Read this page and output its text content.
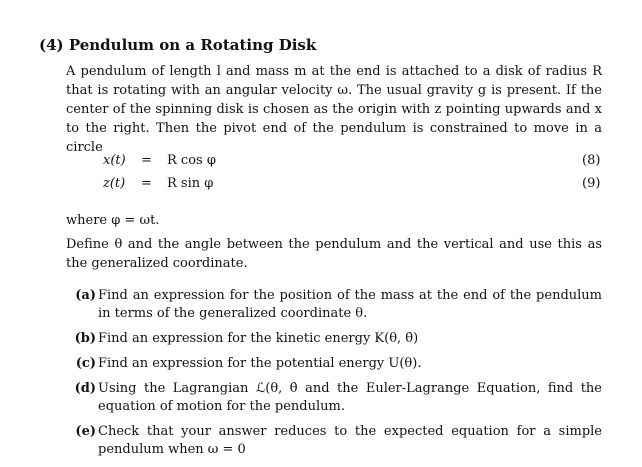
(4) Pendulum on a Rotating Disk

A pendulum of length l and mass m at the end is attached to a disk of radius R that is rotating with an angular velocity ω. The usual gravity g is present. If the center of the spinning disk is chosen as the origin with z pointing upwards and x to the right. Then the pivot end of the pendulum is constrained to move in a circle

x(t) = R cos φ	(8)
z(t) = R sin φ	(9)

where φ = ωt.

Define θ and the angle between the pendulum and the vertical and use this as the generalized coordinate.

(a) Find an expression for the position of the mass at the end of the pendulum in terms of the generalized coordinate θ.
(b) Find an expression for the kinetic energy K(θ, θ̇)
(c) Find an expression for the potential energy U(θ).
(d) Using the Lagrangian ℒ(θ, θ̇ and the Euler-Lagrange Equation, find the equation of motion for the pendulum.
(e) Check that your answer reduces to the expected equation for a simple pendulum when ω = 0
